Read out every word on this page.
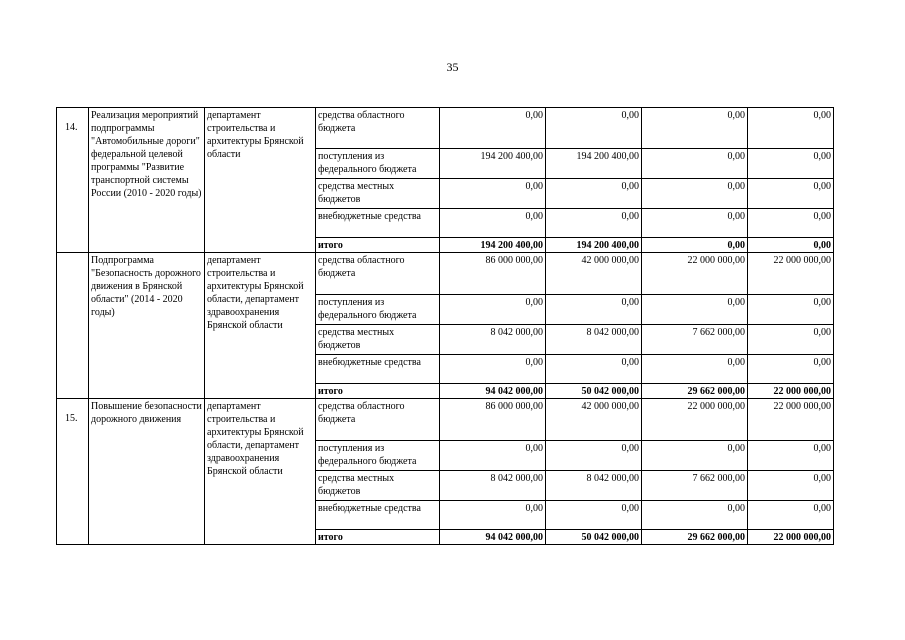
35
14.	Реализация мероприятий подпрограммы "Автомобильные дороги" федеральной целевой программы "Развитие транспортной системы России (2010 - 2020 годы)	департамент строительства и архитектуры Брянской области	средства областного бюджета	0,00	0,00	0,00	0,00
			поступления из федерального бюджета	194 200 400,00	194 200 400,00	0,00	0,00
			средства местных бюджетов	0,00	0,00	0,00	0,00
			внебюджетные средства	0,00	0,00	0,00	0,00
			итого	194 200 400,00	194 200 400,00	0,00	0,00

	Подпрограмма "Безопасность дорожного движения в Брянской области" (2014 - 2020 годы)	департамент строительства и архитектуры Брянской области, департамент здравоохранения Брянской области	средства областного бюджета	86 000 000,00	42 000 000,00	22 000 000,00	22 000 000,00
			поступления из федерального бюджета	0,00	0,00	0,00	0,00
			средства местных бюджетов	8 042 000,00	8 042 000,00	7 662 000,00	0,00
			внебюджетные средства	0,00	0,00	0,00	0,00
			итого	94 042 000,00	50 042 000,00	29 662 000,00	22 000 000,00

15.	Повышение безопасности дорожного движения	департамент строительства и архитектуры Брянской области, департамент здравоохранения Брянской области	средства областного бюджета	86 000 000,00	42 000 000,00	22 000 000,00	22 000 000,00
			поступления из федерального бюджета	0,00	0,00	0,00	0,00
			средства местных бюджетов	8 042 000,00	8 042 000,00	7 662 000,00	0,00
			внебюджетные средства	0,00	0,00	0,00	0,00
			итого	94 042 000,00	50 042 000,00	29 662 000,00	22 000 000,00
